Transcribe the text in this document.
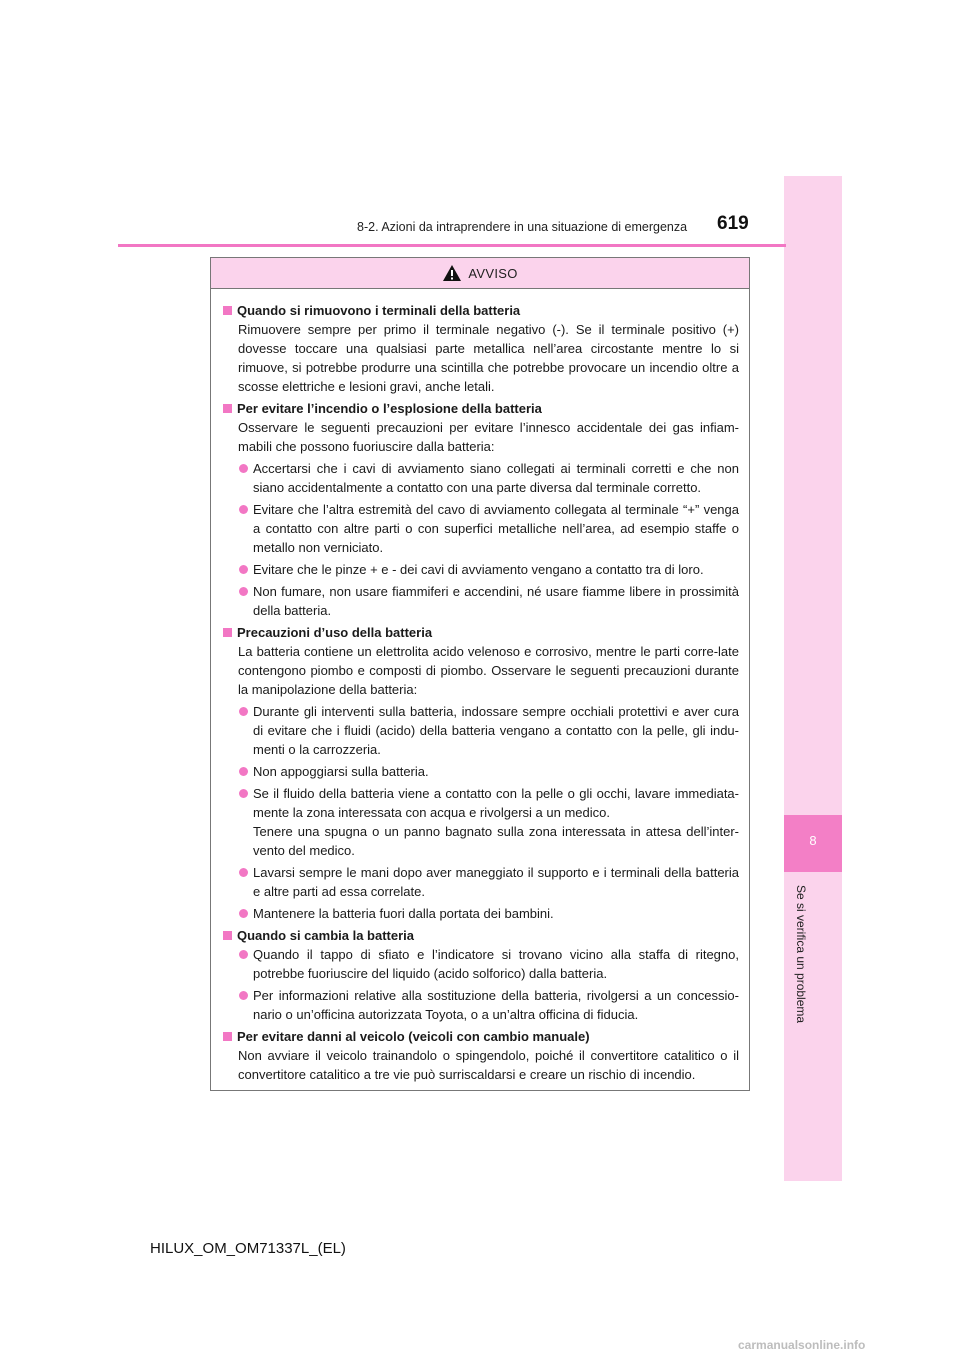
8
Se si verifica un problema
8-2. Azioni da intraprendere in una situazione di emergenza 619
AVVISO
Quando si rimuovono i terminali della batteria
Rimuovere sempre per primo il terminale negativo (-). Se il terminale positivo (+) dovesse toccare una qualsiasi parte metallica nell’area circostante mentre lo si rimuove, si potrebbe produrre una scintilla che potrebbe provocare un incendio oltre a scosse elettriche e lesioni gravi, anche letali.
Per evitare l’incendio o l’esplosione della batteria
Osservare le seguenti precauzioni per evitare l’innesco accidentale dei gas infiam-mabili che possono fuoriuscire dalla batteria:
Accertarsi che i cavi di avviamento siano collegati ai terminali corretti e che non siano accidentalmente a contatto con una parte diversa dal terminale corretto.
Evitare che l’altra estremità del cavo di avviamento collegata al terminale “+” venga a contatto con altre parti o con superfici metalliche nell’area, ad esempio staffe o metallo non verniciato.
Evitare che le pinze + e - dei cavi di avviamento vengano a contatto tra di loro.
Non fumare, non usare fiammiferi e accendini, né usare fiamme libere in prossimità della batteria.
Precauzioni d’uso della batteria
La batteria contiene un elettrolita acido velenoso e corrosivo, mentre le parti corre-late contengono piombo e composti di piombo. Osservare le seguenti precauzioni durante la manipolazione della batteria:
Durante gli interventi sulla batteria, indossare sempre occhiali protettivi e aver cura di evitare che i fluidi (acido) della batteria vengano a contatto con la pelle, gli indu-menti o la carrozzeria.
Non appoggiarsi sulla batteria.
Se il fluido della batteria viene a contatto con la pelle o gli occhi, lavare immediata-mente la zona interessata con acqua e rivolgersi a un medico.
Tenere una spugna o un panno bagnato sulla zona interessata in attesa dell’inter-vento del medico.
Lavarsi sempre le mani dopo aver maneggiato il supporto e i terminali della batteria e altre parti ad essa correlate.
Mantenere la batteria fuori dalla portata dei bambini.
Quando si cambia la batteria
Quando il tappo di sfiato e l’indicatore si trovano vicino alla staffa di ritegno, potrebbe fuoriuscire del liquido (acido solforico) dalla batteria.
Per informazioni relative alla sostituzione della batteria, rivolgersi a un concessio-nario o un’officina autorizzata Toyota, o a un’altra officina di fiducia.
Per evitare danni al veicolo (veicoli con cambio manuale)
Non avviare il veicolo trainandolo o spingendolo, poiché il convertitore catalitico o il convertitore catalitico a tre vie può surriscaldarsi e creare un rischio di incendio.
HILUX_OM_OM71337L_(EL)
carmanualsonline.info
